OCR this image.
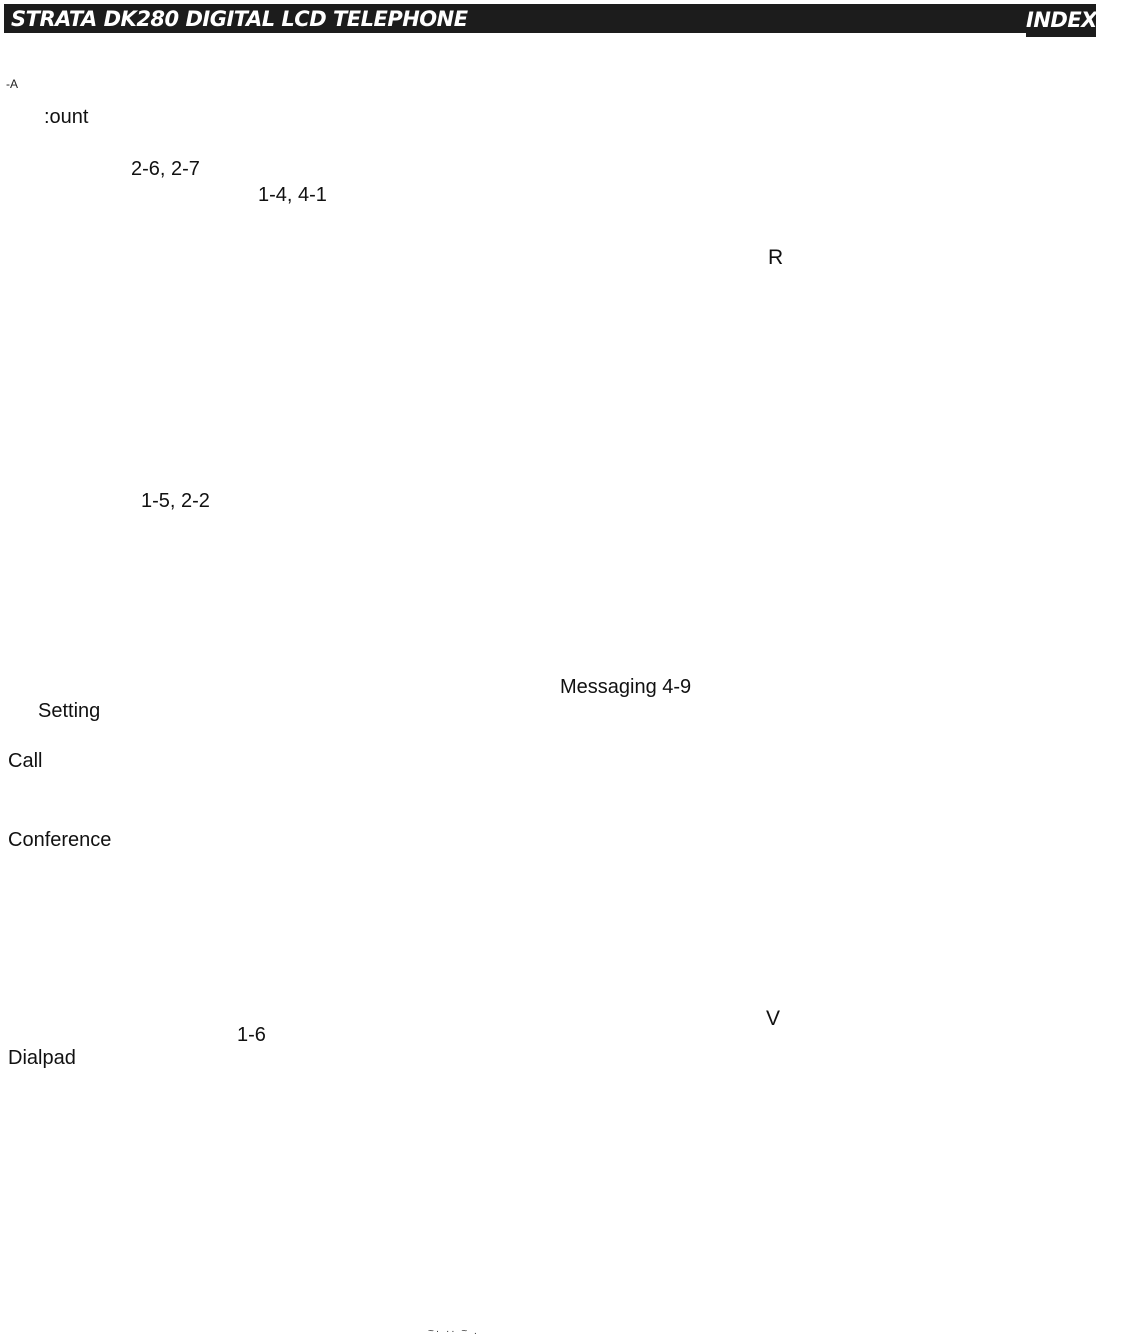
STRATA DK280 DIGITAL LCD TELEPHONE	INDEX
-A
:ount
2-6, 2-7
1-4, 4-1
R
1-5, 2-2
Messaging 4-9
Setting
Call
Conference
1-6
V
Dialpad
~· ·· ~ .
